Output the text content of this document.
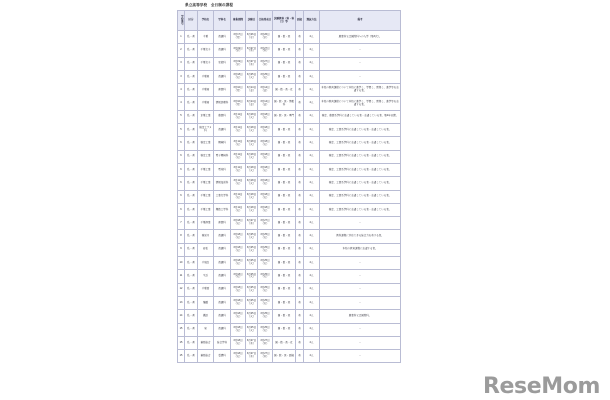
県立高等学校　全日制の課程
学校番号	区分	学校名	学科名	募集期間	試験日	合格発表日	試験教科（科・科目）等	面接	選抜方法	備考
1	私・県	千葉	普通科	3月17日（月）	3月26日（水）	3月26日（水）	国・数・英	有	4人	農業科又は国際科への入学（第3次）。
2	私・県	千葉女子	普通科	3月19日（水）	3月27日（木）	3月27日（木）	国・数・英	有	4人	－
3	私・県	千葉女子	家政科	3月19日（水）	3月27日（木）	3月27日（木）	国・数・英	有	4人	－
3	私・県	千葉東	普通科	3月18日（火）	3月25日（火）	3月25日（火）	国・数・英	有	4人	－
4	私・県	千葉南	商業科	3月10日（月）	3月14日（金）	3月14日（金）	国・数・英・社	有	4人	本校の教育課程について本校に進学し、学習し、習得し、進学等を志望する者。
4	私・県	千葉南	情報処理科	3月10日（月）	3月14日（金）	3月14日（金）	国・数・英・情報科	有	4人	本校の教育課程について本校に進学し、学習し、習得し、進学等を志望する者。
5	私・県	京葉工業	農業科	3月11日（火）	3月18日（火）	3月18日（火）	国・数・英・専門	有	4人	検定、農業系学科に志望している者・志望している者、第2年以降。
5	私・県	検定工アメ科	普通科	3月11日（火）	3月18日（火）	3月18日（火）	国・数・英	有	4人	検定、工業系学科に志望している者・志望している者。
6	私・県	検定工業	機械科	3月11日（火）	3月18日（火）	3月18日（火）	国・数・英	有	4人	検定、工業系学科に志望している者・志望している者。
6	私・県	検定工業	電子機械科	3月11日（火）	3月18日（火）	3月18日（火）	国・数・英	有	4人	検定、工業系学科に志望している者・志望している者。
6	私・県	千葉工業	電気科	3月11日（火）	3月18日（火）	3月18日（火）	国・数・英	有	4人	検定、工業系学科に志望している者・志望している者。
6	私・県	千葉工業	情報技術科	3月11日（火）	3月18日（火）	3月18日（火）	国・数・英	有	4人	検定、工業系学科に志望している者・志望している者。
6	私・県	千葉工業	工業化学科	3月11日（火）	3月18日（火）	3月18日（火）	国・数・英	有	4人	検定、工業系学科に志望している者・志望している者。
6	私・県	千葉工業	理数工学科	3月11日（火）	3月18日（火）	3月18日（火）	国・数・英	有	4人	検定、工業系学科に志望している者・志望している者。
7	私・県	千葉商業	商業科	3月18日（火）	3月27日（木）	3月27日（木）	国・数・英	有	4人	－
8	私・県	検見川	普通科	3月18日（火）	3月25日（火）	3月25日（火）	国・数・英	有	4人	教科課程に対応できる総合力を有する者。
9	私・県	若松	普通科	3月18日（火）	3月25日（火）	3月25日（火）	国・数・英	有	4人	本校の教育課程に志望する者。
10	私・県	千城台	普通科	3月18日（火）	3月25日（火）	3月25日（火）	国・数・英	有	4人	－
11	私・県	生浜	普通科	3月18日（火）	3月25日（火）	3月25日（火）	国・数・英	有	4人	－
12	私・県	千葉西	普通科	3月18日（火）	3月25日（火）	3月25日（火）	国・数・英	有	4人	－
13	私・県	犢橋	普通科	3月18日（火）	3月25日（火）	3月25日（火）	国・数・英	有	4人	－
14	私・県	磯辺	普通科	3月18日（火）	3月25日（火）	3月25日（火）	国・数・英	有	4人	農業科又は国際科。
15	私・県	泉	普通科	3月18日（火）	3月25日（火）	3月25日（火）	国・数・英	有	4人	－
15	私・県	幕張総合	総合学科	3月18日（火）	3月27日（木）	3月27日（木）	国・数・英・社	有	4人	－
15	私・県	幕張総合	看護科	3月18日（火）	3月27日（木）	3月27日（木）	国・数・英・面接	有	4人	－
ReseMom
